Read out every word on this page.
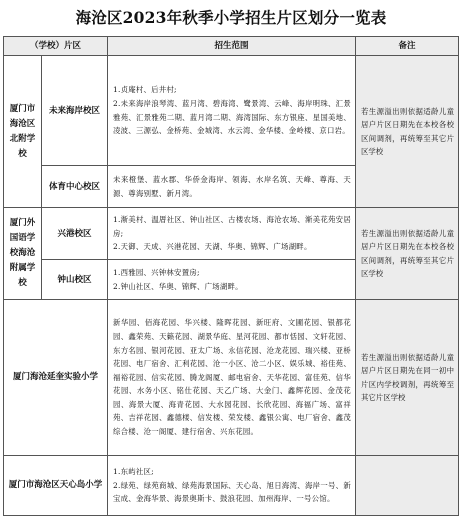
海沧区2023年秋季小学招生片区划分一览表
（学校）片区		招生范围	备注
厦门市海沧区北附学校	未来海岸校区	1.贞庵村、后井村;
2.未来海岸浪琴湾、蓝月湾、碧海湾、鹭景湾、云峰、海岸明珠、汇景雅苑、汇景雅苑二期、蓝月湾二期、海湾国际、东方银座、星国美地、凌波、三源弘、金桥苑、金城湾、水云湾、金华楼、金岭楼、京口岩。	若生源溢出则依据适龄儿童居户片区日期先在本校各校区间调剂，再统筹至其它片区学校
	体育中心校区	未来橙堡、蓝水郡、华侨金海岸、领海、水岸名筑、天峰、尊海、天源、尊海别墅、新月湾。	

厦门外国语学校海沧附属学校	兴港校区	1.渐美村、温厝社区、钟山社区、古楼农场、海沧农场、渐美花苑安居房;
2.天御、天成、兴港花园、天湖、华奥、锦辉、广场湖畔。	若生源溢出则依据适龄儿童居户片区日期先在本校各校区间调剂，再统筹至其它片区学校
	钟山校区	1.西雅园、兴钟林安置房;
2.钟山社区、华奥、锦辉、广场湖畔。	

厦门海沧延奎实验小学		新华园、佰海花园、华兴楼、隆晖花园、新旺府、文圃花园、银都花园、鑫荣苑、天籁花园、湖景华庭、星河花园、都市恬园、文轩花园、东方名园、银河花园、亚太广场、永信花园、沧龙花园、瑞兴楼、亚桥花园、电厂宿舍、汇利花园、沧一小区、沧二小区、娱乐城、裕佳苑、福裕花园、信实花园、腾龙阁厦、邮电宿舍、天华花园、富佳苑、信华花园、水务小区、铭仕花园、天乙广场、大金门、鑫辉花园、金茂花园、海景大厦、海青花园、大水园花园、长欣花园、海福广场、富祥苑、吉祥花园、鑫德楼、信发楼、荣发楼、鑫银公寓、电厂宿舍、鑫茂综合楼、沧一阁厦、建行宿舍、兴东花园。	若生源溢出则依据适龄儿童居户片区日期先在同一初中片区内学校调剂，再统筹至其它片区学校
厦门市海沧区天心岛小学		1.东屿社区;
2.绿苑、绿苑商城、绿苑海景国际、天心岛、旭日海湾、海岸一号、新宝成、金海华景、海景奥斯卡、鼓浪花园、加州海岸、一号公馆。	
